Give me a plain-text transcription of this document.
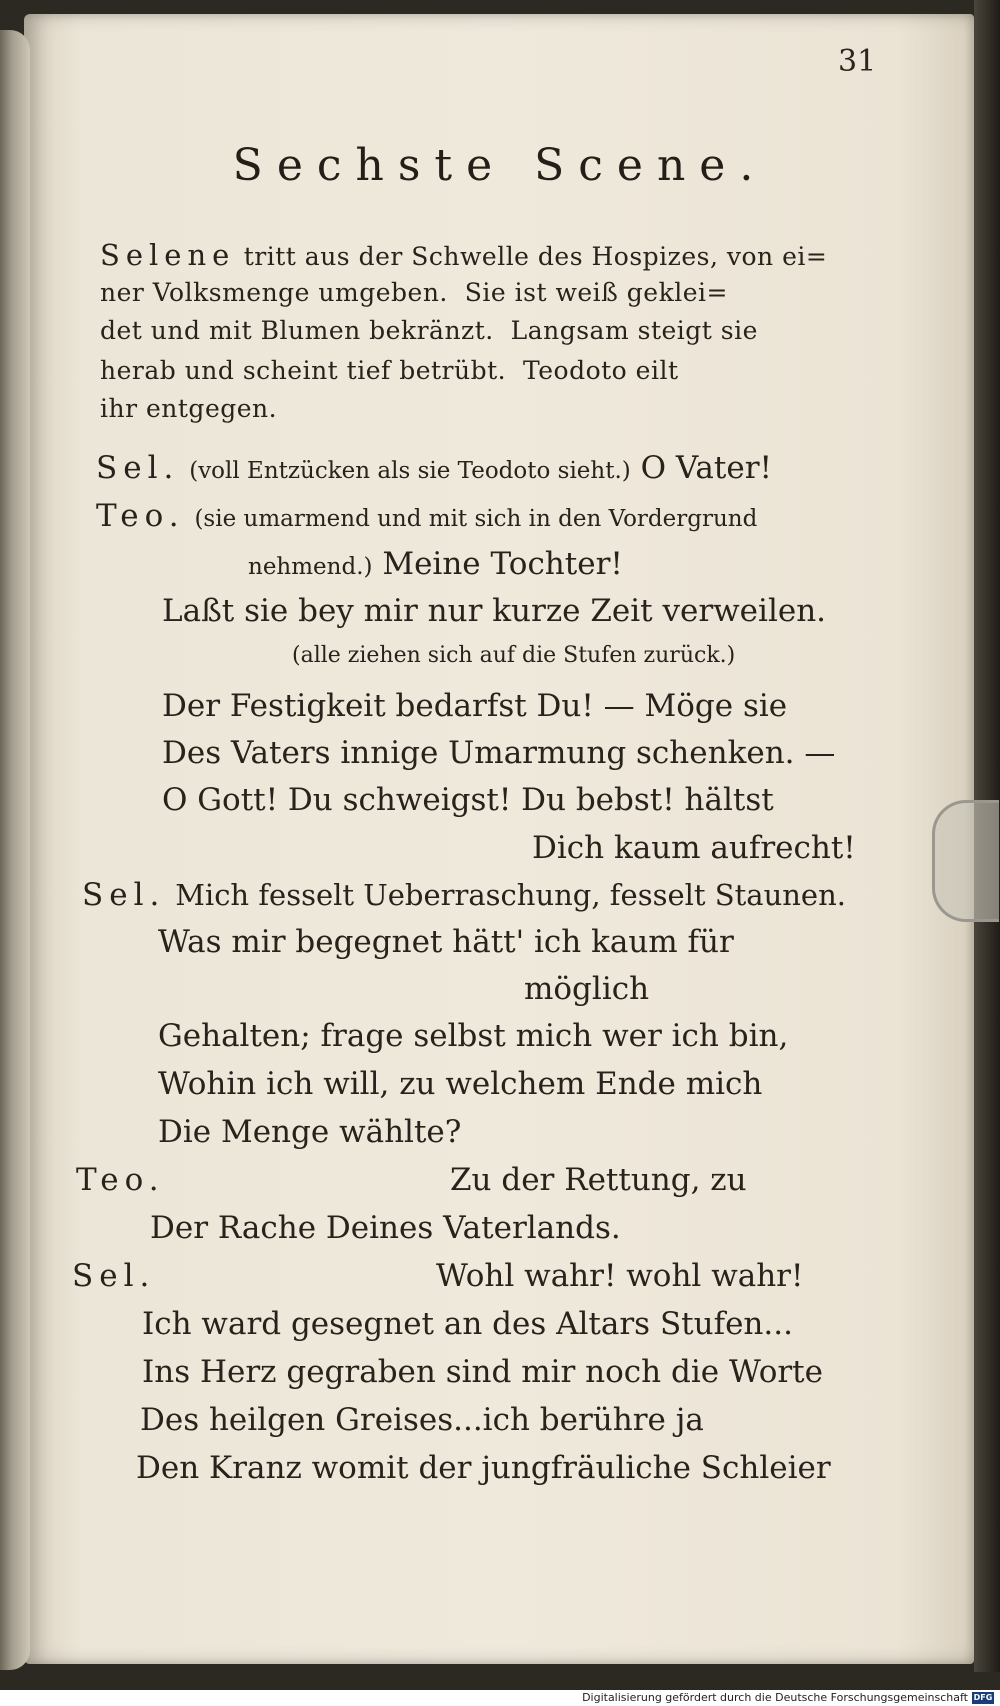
31
Sechste Scene.
Selene tritt aus der Schwelle des Hospizes, von ei=
ner Volksmenge umgeben.  Sie ist weiß geklei=
det und mit Blumen bekränzt.  Langsam steigt sie
herab und scheint tief betrübt.  Teodoto eilt
ihr entgegen.
Sel. (voll Entzücken als sie Teodoto sieht.) O Vater!
Teo. (sie umarmend und mit sich in den Vordergrund
nehmend.) Meine Tochter!
Laßt sie bey mir nur kurze Zeit verweilen.
(alle ziehen sich auf die Stufen zurück.)
Der Festigkeit bedarfst Du! — Möge sie
Des Vaters innige Umarmung schenken. —
O Gott! Du schweigst! Du bebst! hältst
Dich kaum aufrecht!
Sel. Mich fesselt Ueberraschung, fesselt Staunen.
Was mir begegnet hätt' ich kaum für
möglich
Gehalten; frage selbst mich wer ich bin,
Wohin ich will, zu welchem Ende mich
Die Menge wählte?
Teo.	Zu der Rettung, zu
Der Rache Deines Vaterlands.
Sel.	Wohl wahr! wohl wahr!
Ich ward gesegnet an des Altars Stufen...
Ins Herz gegraben sind mir noch die Worte
Des heilgen Greises...ich berühre ja
Den Kranz womit der jungfräuliche Schleier
Digitalisierung gefördert durch die Deutsche Forschungsgemeinschaft DFG
